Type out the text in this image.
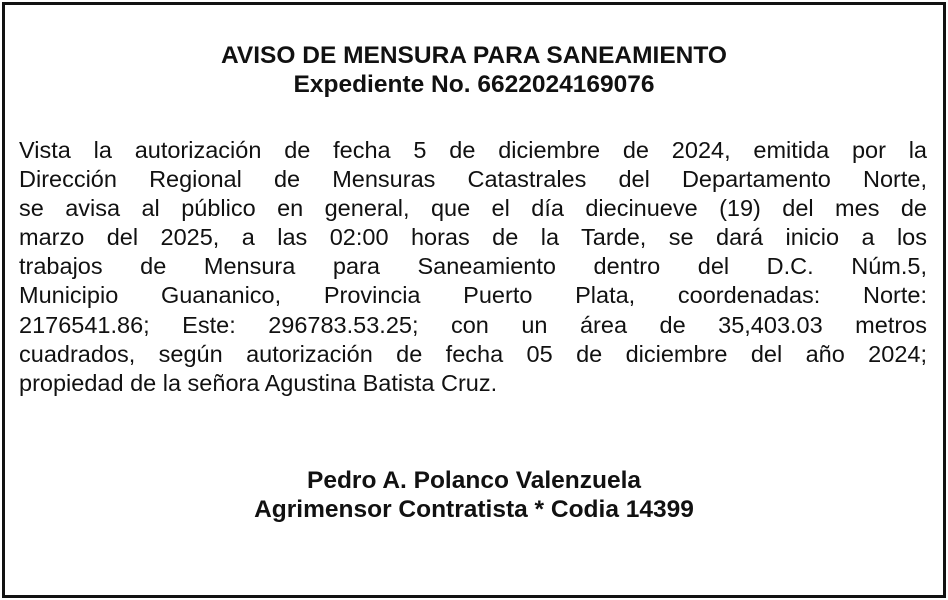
AVISO DE MENSURA PARA SANEAMIENTO
Expediente No. 6622024169076
Vista la autorización de fecha 5 de diciembre de 2024, emitida por la
Dirección Regional de Mensuras Catastrales del Departamento Norte,
se avisa al público en general, que el día diecinueve (19) del mes de
marzo del 2025, a las 02:00 horas de la Tarde, se dará inicio a los
trabajos de Mensura para Saneamiento dentro del D.C. Núm.5,
Municipio Guananico, Provincia Puerto Plata, coordenadas: Norte:
2176541.86; Este: 296783.53.25; con un área de 35,403.03 metros
cuadrados, según autorización de fecha 05 de diciembre del año 2024;
propiedad de la señora Agustina Batista Cruz.
Pedro A. Polanco Valenzuela
Agrimensor Contratista * Codia 14399
